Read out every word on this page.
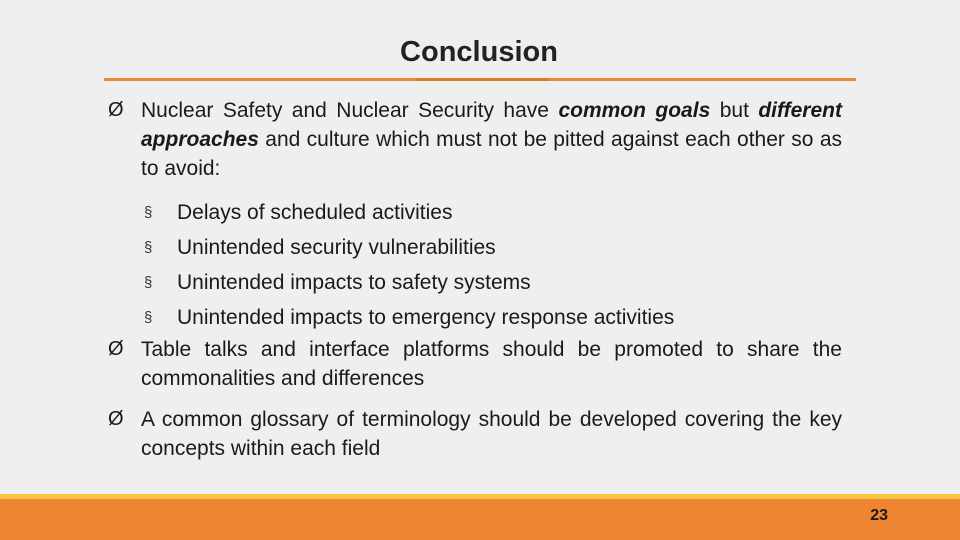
Conclusion
Ø Nuclear Safety and Nuclear Security have common goals but different approaches and culture which must not be pitted against each other so as to avoid:
§ Delays of scheduled activities
§ Unintended security vulnerabilities
§ Unintended impacts to safety systems
§ Unintended impacts to emergency response activities
Ø Table talks and interface platforms should be promoted to share the commonalities and differences
Ø A common glossary of terminology should be developed covering the key concepts within each field
23
